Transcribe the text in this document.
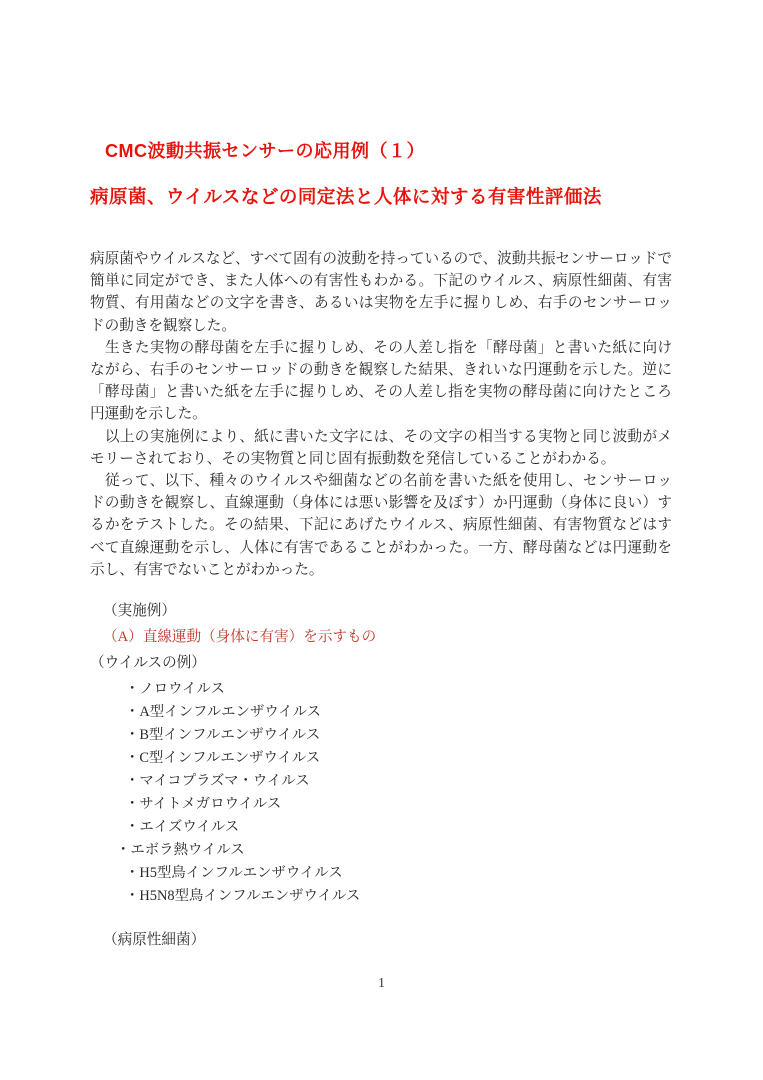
CMC波動共振センサーの応用例（１）
病原菌、ウイルスなどの同定法と人体に対する有害性評価法

病原菌やウイルスなど、すべて固有の波動を持っているので、波動共振センサーロッドで簡単に同定ができ、また人体への有害性もわかる。下記のウイルス、病原性細菌、有害物質、有用菌などの文字を書き、あるいは実物を左手に握りしめ、右手のセンサーロッドの動きを観察した。

　生きた実物の酵母菌を左手に握りしめ、その人差し指を「酵母菌」と書いた紙に向けながら、右手のセンサーロッドの動きを観察した結果、きれいな円運動を示した。逆に「酵母菌」と書いた紙を左手に握りしめ、その人差し指を実物の酵母菌に向けたところ円運動を示した。

　以上の実施例により、紙に書いた文字には、その文字の相当する実物と同じ波動がメモリーされており、その実物質と同じ固有振動数を発信していることがわかる。

　従って、以下、種々のウイルスや細菌などの名前を書いた紙を使用し、センサーロッドの動きを観察し、直線運動（身体には悪い影響を及ぼす）か円運動（身体に良い）するかをテストした。その結果、下記にあげたウイルス、病原性細菌、有害物質などはすべて直線運動を示し、人体に有害であることがわかった。一方、酵母菌などは円運動を示し、有害でないことがわかった。

（実施例）
（A）直線運動（身体に有害）を示すもの
（ウイルスの例）
・ノロウイルス
・A型インフルエンザウイルス
・B型インフルエンザウイルス
・C型インフルエンザウイルス
・マイコプラズマ・ウイルス
・サイトメガロウイルス
・エイズウイルス
・エボラ熱ウイルス
・H5型鳥インフルエンザウイルス
・H5N8型鳥インフルエンザウイルス
（病原性細菌）
1
